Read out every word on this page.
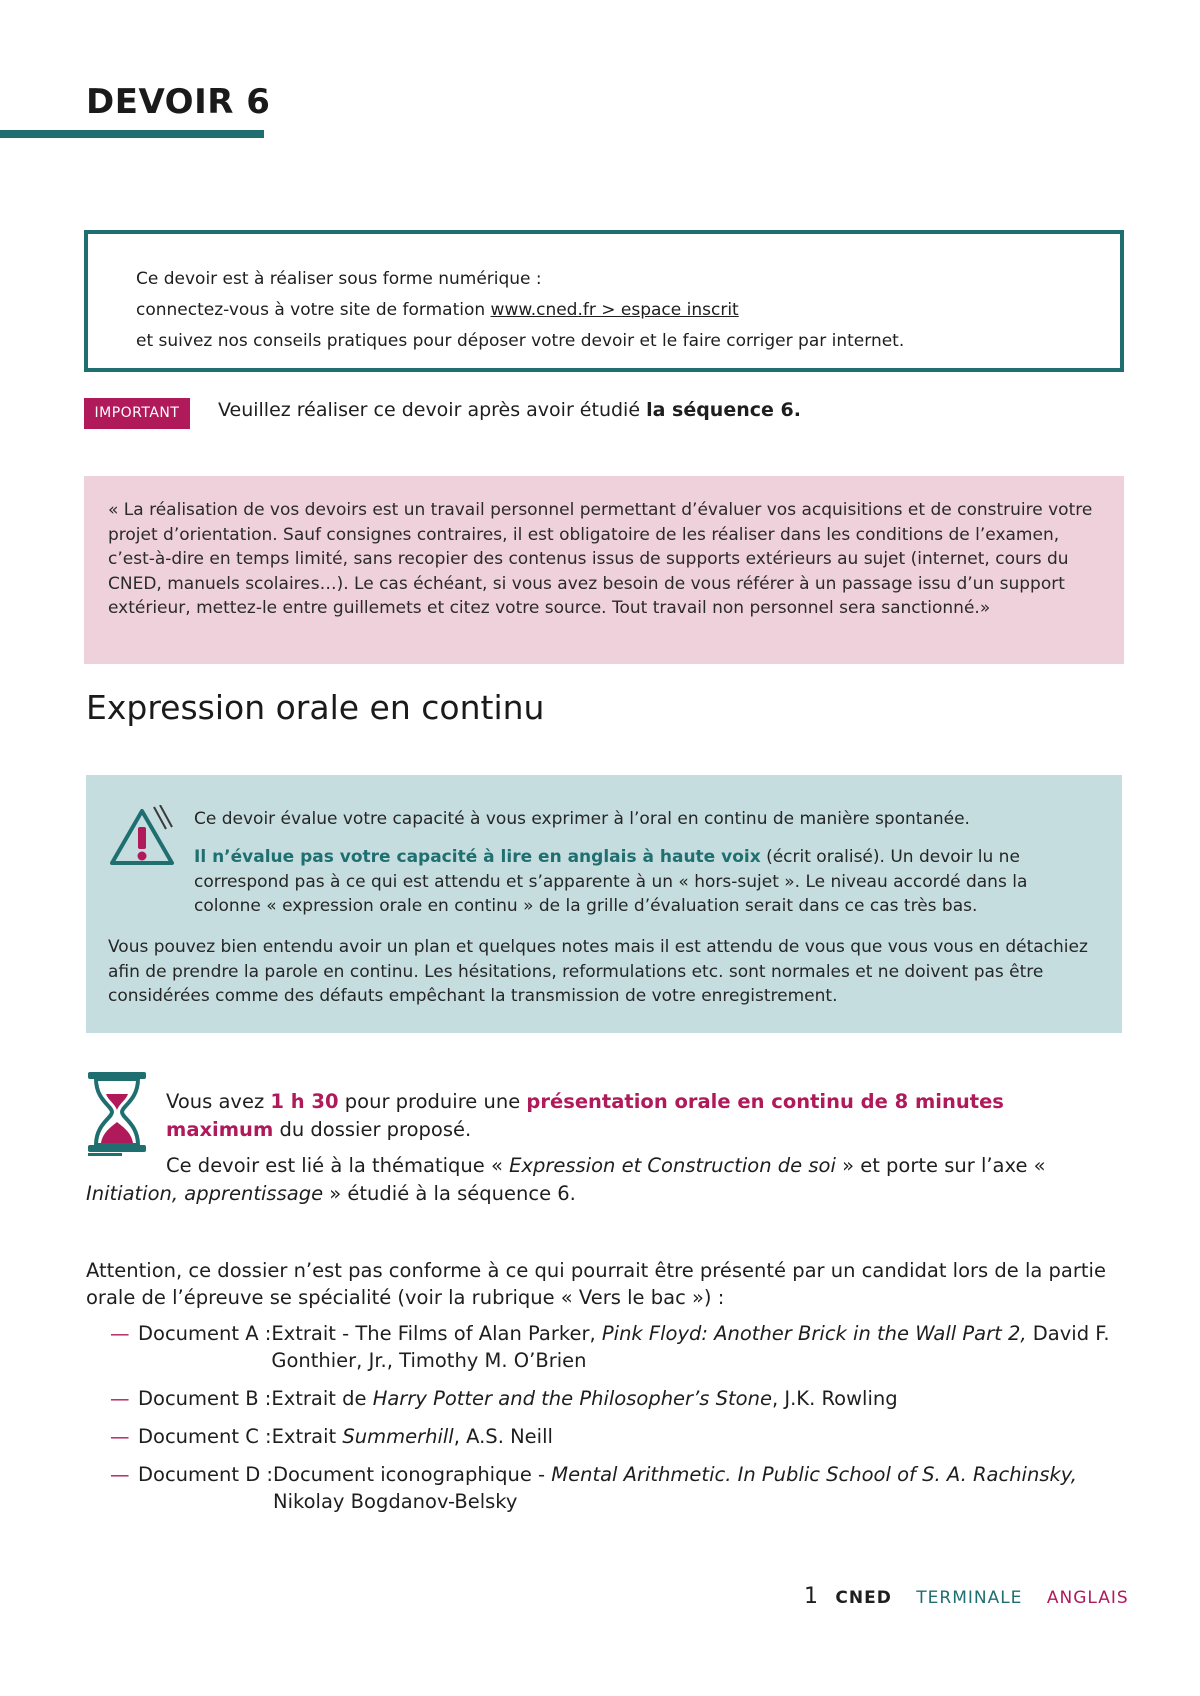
DEVOIR 6
Ce devoir est à réaliser sous forme numérique :
connectez-vous à votre site de formation www.cned.fr > espace inscrit
et suivez nos conseils pratiques pour déposer votre devoir et le faire corriger par internet.
IMPORTANT	Veuillez réaliser ce devoir après avoir étudié la séquence 6.

« La réalisation de vos devoirs est un travail personnel permettant d’évaluer vos acquisitions et de construire votre projet d’orientation. Sauf consignes contraires, il est obligatoire de les réaliser dans les conditions de l’examen, c’est-à-dire en temps limité, sans recopier des contenus issus de supports extérieurs au sujet (internet, cours du CNED, manuels scolaires…). Le cas échéant, si vous avez besoin de vous référer à un passage issu d’un support extérieur, mettez-le entre guillemets et citez votre source. Tout travail non personnel sera sanctionné.»

Expression orale en continu
Ce devoir évalue votre capacité à vous exprimer à l’oral en continu de manière spontanée.
Il n’évalue pas votre capacité à lire en anglais à haute voix (écrit oralisé). Un devoir lu ne correspond pas à ce qui est attendu et s’apparente à un « hors-sujet ». Le niveau accordé dans la colonne « expression orale en continu » de la grille d’évaluation serait dans ce cas très bas.
Vous pouvez bien entendu avoir un plan et quelques notes mais il est attendu de vous que vous vous en détachiez afin de prendre la parole en continu. Les hésitations, reformulations etc. sont normales et ne doivent pas être considérées comme des défauts empêchant la transmission de votre enregistrement.
Vous avez 1 h 30 pour produire une présentation orale en continu de 8 minutes maximum du dossier proposé.
Ce devoir est lié à la thématique « Expression et Construction de soi » et porte sur l’axe « Initiation, apprentissage » étudié à la séquence 6.
Attention, ce dossier n’est pas conforme à ce qui pourrait être présenté par un candidat lors de la partie orale de l’épreuve se spécialité (voir la rubrique « Vers le bac ») :
— Document A : Extrait - The Films of Alan Parker, Pink Floyd: Another Brick in the Wall Part 2, David F. Gonthier, Jr., Timothy M. O’Brien
— Document B : Extrait de Harry Potter and the Philosopher’s Stone, J.K. Rowling
— Document C : Extrait Summerhill, A.S. Neill
— Document D : Document iconographique - Mental Arithmetic. In Public School of S. A. Rachinsky, Nikolay Bogdanov-Belsky
1 CNED TERMINALE ANGLAIS
